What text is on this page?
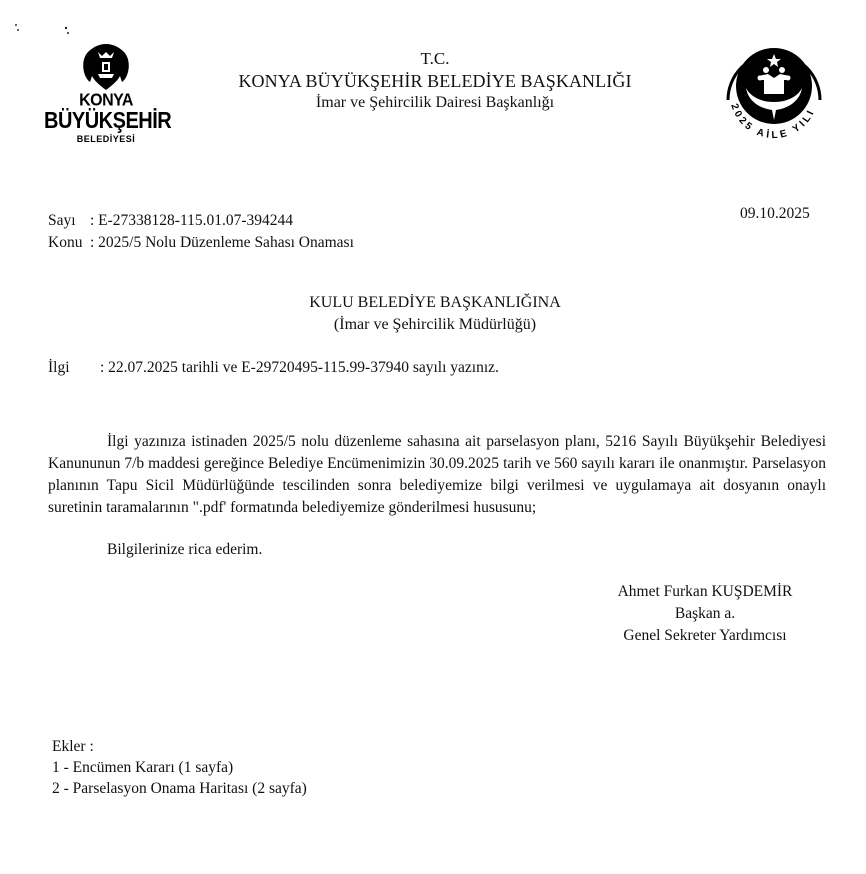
KONYA
BÜYÜKŞEHİR
BELEDİYESİ
T.C.
KONYA BÜYÜKŞEHİR BELEDİYE BAŞKANLIĞI
İmar ve Şehircilik Dairesi Başkanlığı	2025 AİLE YILI
Sayı : E-27338128-115.01.07-394244
Konu : 2025/5 Nolu Düzenleme Sahası Onaması
09.10.2025
KULU BELEDİYE BAŞKANLIĞINA
(İmar ve Şehircilik Müdürlüğü)
İlgi : 22.07.2025 tarihli ve E-29720495-115.99-37940 sayılı yazınız.

İlgi yazınıza istinaden 2025/5 nolu düzenleme sahasına ait parselasyon planı, 5216 Sayılı Büyükşehir Belediyesi Kanununun 7/b maddesi gereğince Belediye Encümenimizin 30.09.2025 tarih ve 560 sayılı kararı ile onanmıştır. Parselasyon planının Tapu Sicil Müdürlüğünde tescilinden sonra belediyemize bilgi verilmesi ve uygulamaya ait dosyanın onaylı suretinin taramalarının ".pdf' formatında belediyemize gönderilmesi hususunu;

Bilgilerinize rica ederim.
Ahmet Furkan KUŞDEMİR
Başkan a.
Genel Sekreter Yardımcısı
Ekler :
1 - Encümen Kararı (1 sayfa)
2 - Parselasyon Onama Haritası (2 sayfa)
